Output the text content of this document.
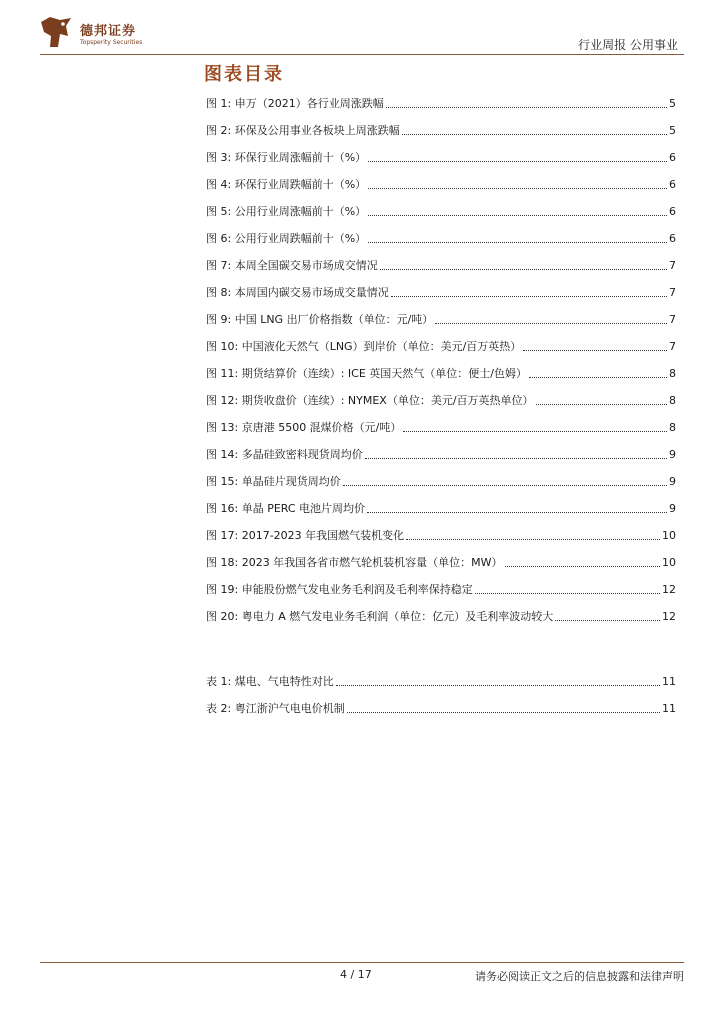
德邦证券
Topsperity Securities	行业周报 公用事业
图表目录
图 1: 申万（2021）各行业周涨跌幅	5
图 2: 环保及公用事业各板块上周涨跌幅	5
图 3: 环保行业周涨幅前十（%）	6
图 4: 环保行业周跌幅前十（%）	6
图 5: 公用行业周涨幅前十（%）	6
图 6: 公用行业周跌幅前十（%）	6
图 7: 本周全国碳交易市场成交情况	7
图 8: 本周国内碳交易市场成交量情况	7
图 9: 中国 LNG 出厂价格指数（单位：元/吨）	7
图 10: 中国液化天然气（LNG）到岸价（单位：美元/百万英热）	7
图 11: 期货结算价（连续）: ICE 英国天然气（单位：便士/色姆）	8
图 12: 期货收盘价（连续）: NYMEX（单位：美元/百万英热单位）	8
图 13: 京唐港 5500 混煤价格（元/吨）	8
图 14: 多晶硅致密料现货周均价	9
图 15: 单晶硅片现货周均价	9
图 16: 单晶 PERC 电池片周均价	9
图 17: 2017-2023 年我国燃气装机变化	10
图 18: 2023 年我国各省市燃气轮机装机容量（单位：MW）	10
图 19: 申能股份燃气发电业务毛利润及毛利率保持稳定	12
图 20: 粤电力 A 燃气发电业务毛利润（单位：亿元）及毛利率波动较大	12
表 1: 煤电、气电特性对比	11
表 2: 粤江浙沪气电电价机制	11
4 / 17	请务必阅读正文之后的信息披露和法律声明
